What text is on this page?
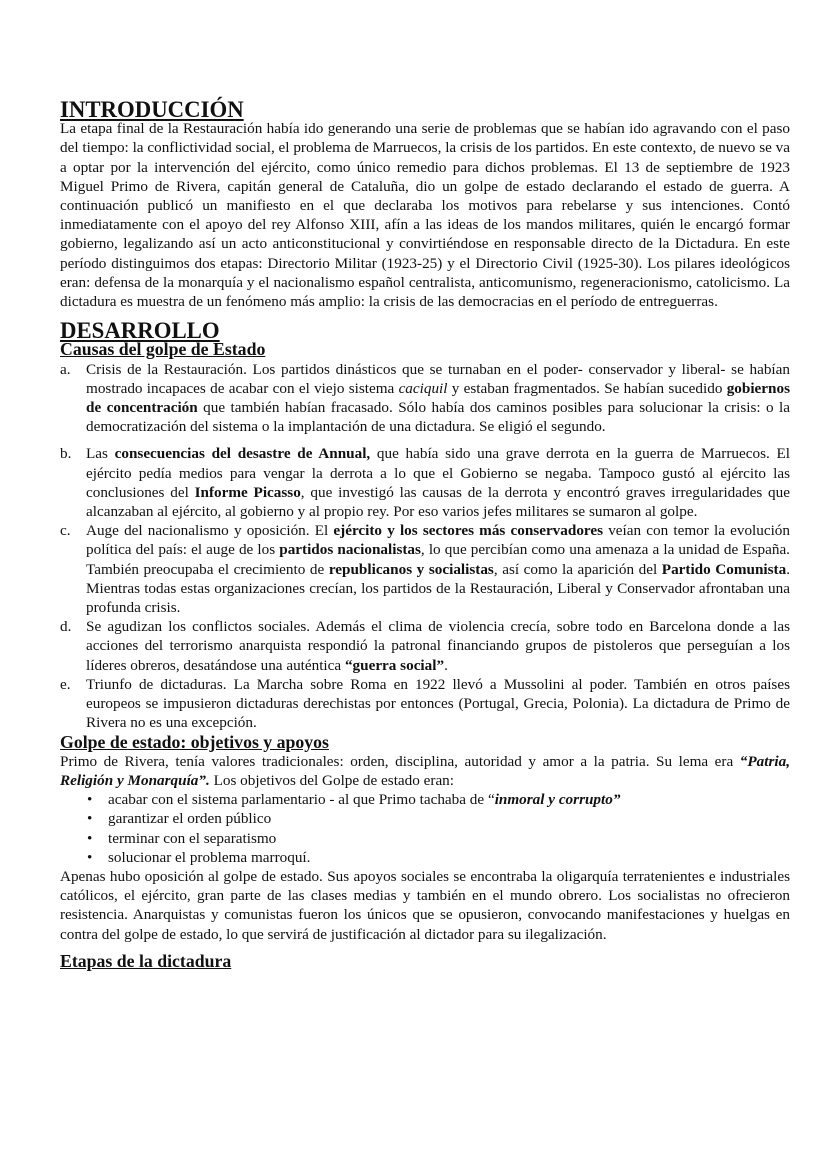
INTRODUCCIÓN

La etapa final de la Restauración había ido generando una serie de problemas que se habían ido agravando con el paso del tiempo: la conflictividad social, el problema de Marruecos, la crisis de los partidos. En este contexto, de nuevo se va a optar por la intervención del ejército, como único remedio para dichos problemas. El 13 de septiembre de 1923 Miguel Primo de Rivera, capitán general de Cataluña, dio un golpe de estado declarando el estado de guerra. A continuación publicó un manifiesto en el que declaraba los motivos para rebelarse y sus intenciones. Contó inmediatamente con el apoyo del rey Alfonso XIII, afín a las ideas de los mandos militares, quién le encargó formar gobierno, legalizando así un acto anticonstitucional y convirtiéndose en responsable directo de la Dictadura. En este período distinguimos dos etapas: Directorio Militar (1923-25) y el Directorio Civil (1925-30). Los pilares ideológicos eran: defensa de la monarquía y el nacionalismo español centralista, anticomunismo, regeneracionismo, catolicismo. La dictadura es muestra de un fenómeno más amplio: la crisis de las democracias en el período de entreguerras.

DESARROLLO
Causas del golpe de Estado
a.	Crisis de la Restauración. Los partidos dinásticos que se turnaban en el poder- conservador y liberal- se habían mostrado incapaces de acabar con el viejo sistema caciquil y estaban fragmentados. Se habían sucedido gobiernos de concentración que también habían fracasado. Sólo había dos caminos posibles para solucionar la crisis: o la democratización del sistema o la implantación de una dictadura. Se eligió el segundo.
b. Las consecuencias del desastre de Annual, que había sido una grave derrota en la guerra de Marruecos. El ejército pedía medios para vengar la derrota a lo que el Gobierno se negaba. Tampoco gustó al ejército las conclusiones del Informe Picasso, que investigó las causas de la derrota y encontró graves irregularidades que alcanzaban al ejército, al gobierno y al propio rey. Por eso varios jefes militares se sumaron al golpe.
c.	Auge del nacionalismo y oposición. El ejército y los sectores más conservadores veían con temor la evolución política del país: el auge de los partidos nacionalistas, lo que percibían como una amenaza a la unidad de España. También preocupaba el crecimiento de republicanos y socialistas, así como la aparición del Partido Comunista. Mientras todas estas organizaciones crecían, los partidos de la Restauración, Liberal y Conservador afrontaban una profunda crisis.
d. Se agudizan los conflictos sociales. Además el clima de violencia crecía, sobre todo en Barcelona donde a las acciones del terrorismo anarquista respondió la patronal financiando grupos de pistoleros que perseguían a los líderes obreros, desatándose una auténtica “guerra social”.
e.	Triunfo de dictaduras. La Marcha sobre Roma en 1922 llevó a Mussolini al poder. También en otros países europeos se impusieron dictaduras derechistas por entonces (Portugal, Grecia, Polonia). La dictadura de Primo de Rivera no es una excepción.
Golpe de estado: objetivos y apoyos

Primo de Rivera, tenía valores tradicionales: orden, disciplina, autoridad y amor a la patria. Su lema era “Patria, Religión y Monarquía”. Los objetivos del Golpe de estado eran:

• acabar con el sistema parlamentario - al que Primo tachaba de “inmoral y corrupto”
• garantizar el orden público
• terminar con el separatismo
• solucionar el problema marroquí.

Apenas hubo oposición al golpe de estado. Sus apoyos sociales se encontraba la oligarquía terratenientes e industriales católicos, el ejército, gran parte de las clases medias y también en el mundo obrero. Los socialistas no ofrecieron resistencia. Anarquistas y comunistas fueron los únicos que se opusieron, convocando manifestaciones y huelgas en contra del golpe de estado, lo que servirá de justificación al dictador para su ilegalización.

Etapas de la dictadura
